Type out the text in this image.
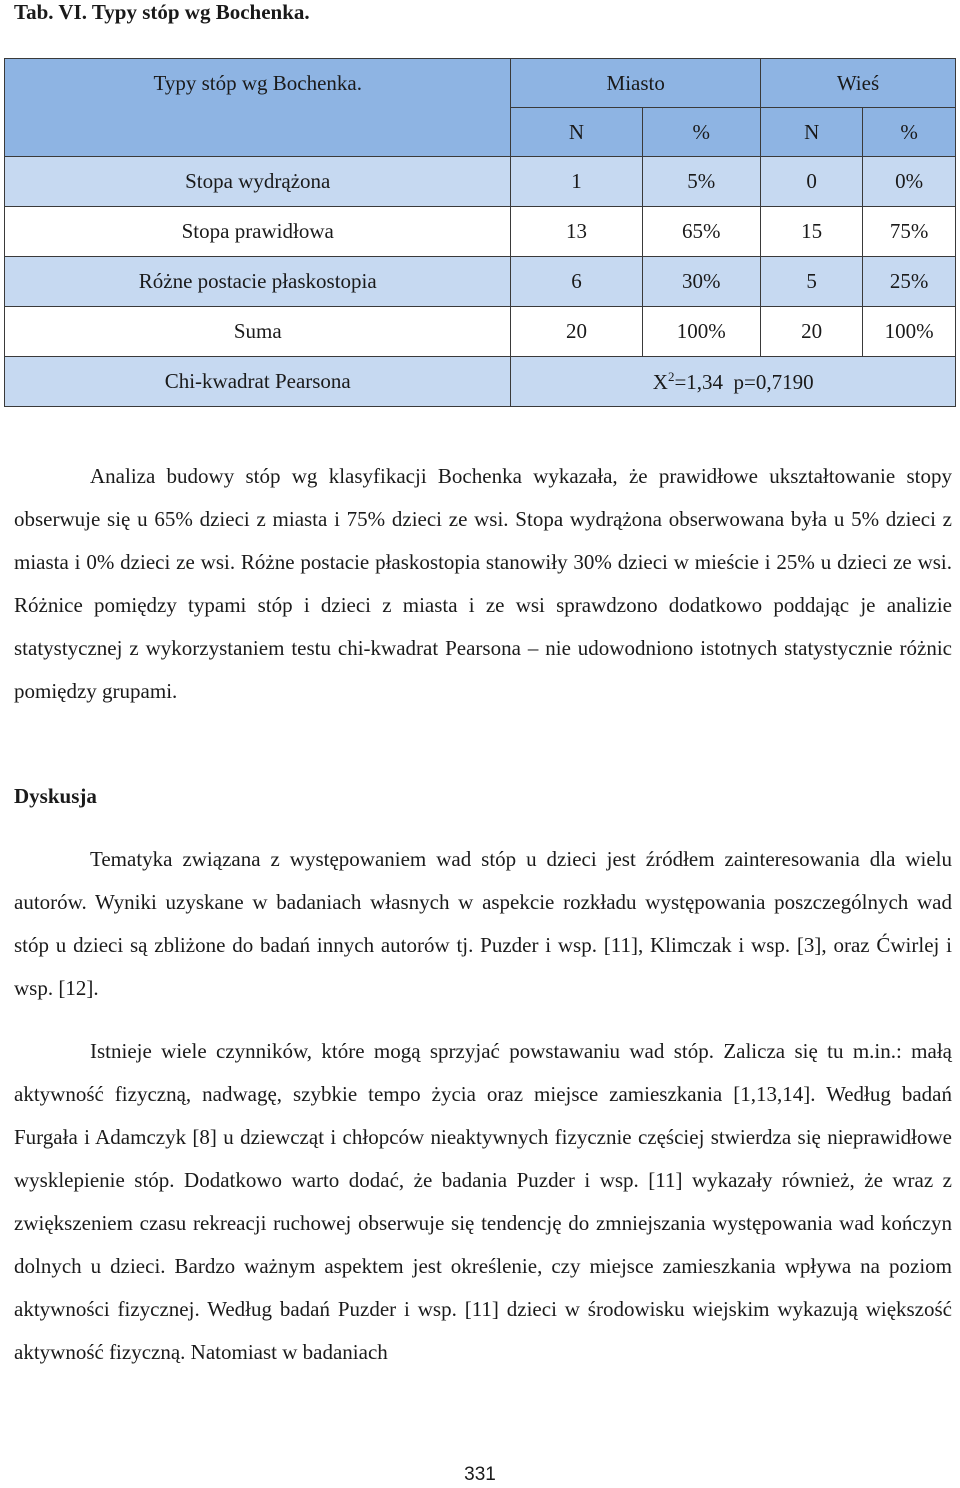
Tab. VI. Typy stóp wg Bochenka.
Typy stóp wg Bochenka.	Miasto		Wieś	
	N	%	N	%
Stopa wydrążona	1	5%	0	0%
Stopa prawidłowa	13	65%	15	75%
Różne postacie płaskostopia	6	30%	5	25%
Suma	20	100%	20	100%
Chi-kwadrat Pearsona	$X^2=1,34$  p=0,7190			

Analiza budowy stóp wg klasyfikacji Bochenka wykazała, że prawidłowe ukształtowanie stopy obserwuje się u 65% dzieci z miasta i 75% dzieci ze wsi. Stopa wydrążona obserwowana była u 5% dzieci z miasta i 0% dzieci ze wsi. Różne postacie płaskostopia stanowiły 30% dzieci w mieście i 25% u dzieci ze wsi. Różnice pomiędzy typami stóp i dzieci z miasta i ze wsi sprawdzono dodatkowo poddając je analizie statystycznej z wykorzystaniem testu chi-kwadrat Pearsona – nie udowodniono istotnych statystycznie różnic pomiędzy grupami.

Dyskusja

Tematyka związana z występowaniem wad stóp u dzieci jest źródłem zainteresowania dla wielu autorów. Wyniki uzyskane w badaniach własnych w aspekcie rozkładu występowania poszczególnych wad stóp u dzieci są zbliżone do badań innych autorów tj. Puzder i wsp. [11], Klimczak i wsp. [3], oraz Ćwirlej i wsp. [12].

Istnieje wiele czynników, które mogą sprzyjać powstawaniu wad stóp. Zalicza się tu m.in.: małą aktywność fizyczną, nadwagę, szybkie tempo życia oraz miejsce zamieszkania [1,13,14]. Według badań Furgała i Adamczyk [8] u dziewcząt i chłopców nieaktywnych fizycznie częściej stwierdza się nieprawidłowe wysklepienie stóp. Dodatkowo warto dodać, że badania Puzder i wsp. [11] wykazały również, że wraz z zwiększeniem czasu rekreacji ruchowej obserwuje się tendencję do zmniejszania występowania wad kończyn dolnych u dzieci. Bardzo ważnym aspektem jest określenie, czy miejsce zamieszkania wpływa na poziom aktywności fizycznej. Według badań Puzder i wsp. [11] dzieci w środowisku wiejskim wykazują większość aktywność fizyczną. Natomiast w badaniach

331
